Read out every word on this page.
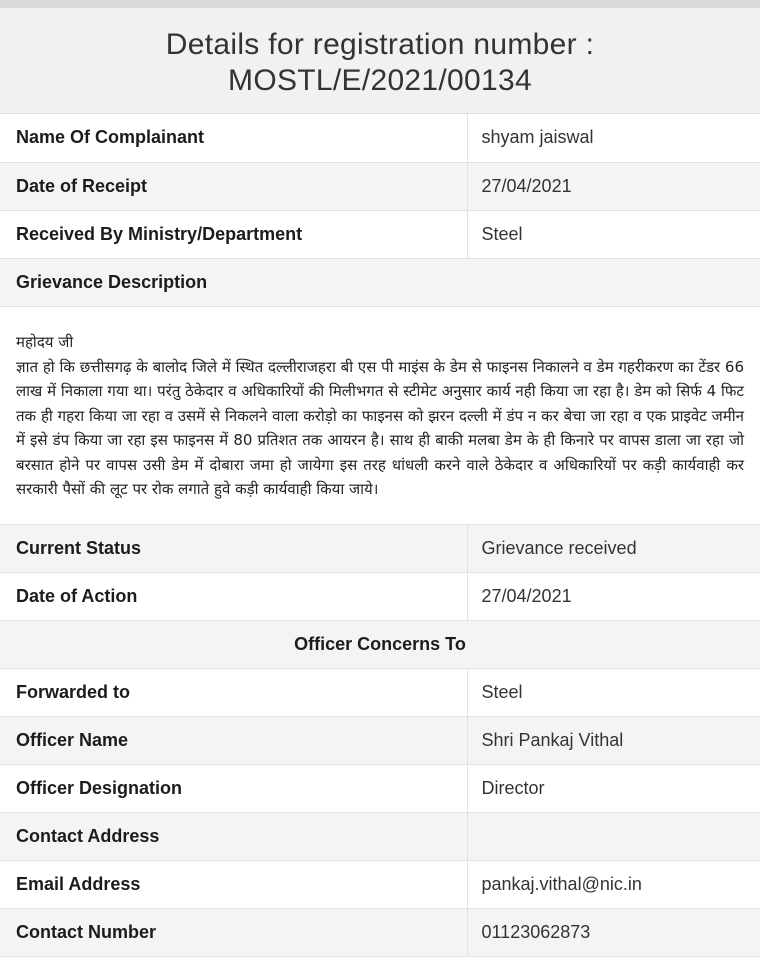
Details for registration number :
MOSTL/E/2021/00134
Name Of Complainant	shyam jaiswal
Date of Receipt	27/04/2021
Received By Ministry/Department	Steel
Grievance Description	

महोदय जी

ज्ञात हो कि छत्तीसगढ़ के बालोद जिले में स्थित दल्लीराजहरा बी एस पी माइंस के डेम से फाइनस निकालने व डेम गहरीकरण का टेंडर 66 लाख में निकाला गया था। परंतु ठेकेदार व अधिकारियों की मिलीभगत से स्टीमेट अनुसार कार्य नही किया जा रहा है। डेम को सिर्फ 4 फिट तक ही गहरा किया जा रहा व उसमें से निकलने वाला करोड़ो का फाइनस को झरन दल्ली में डंप न कर बेचा जा रहा व एक प्राइवेट जमीन में इसे डंप किया जा रहा इस फाइनस में 80 प्रतिशत तक आयरन है। साथ ही बाकी मलबा डेम के ही किनारे पर वापस डाला जा रहा जो बरसात होने पर वापस उसी डेम में दोबारा जमा हो जायेगा इस तरह धांधली करने वाले ठेकेदार व अधिकारियों पर कड़ी कार्यवाही कर सरकारी पैसों की लूट पर रोक लगाते हुवे कड़ी कार्यवाही किया जाये।	

Current Status	Grievance received
Date of Action	27/04/2021
Officer Concerns To	
Forwarded to	Steel
Officer Name	Shri Pankaj Vithal
Officer Designation	Director
Contact Address	
Email Address	pankaj.vithal@nic.in
Contact Number	01123062873
